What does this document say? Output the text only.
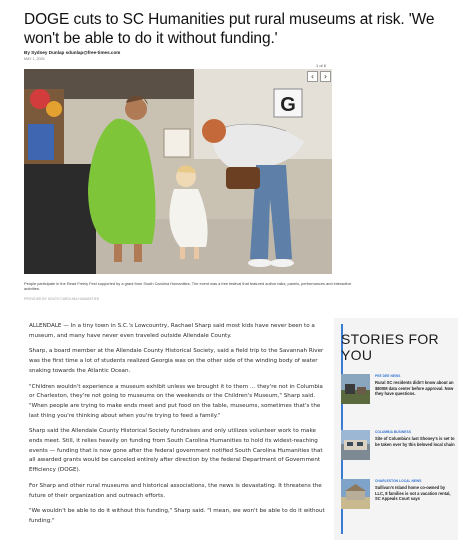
DOGE cuts to SC Humanities put rural museums at risk. 'We won't be able to do it without funding.'
By Sydney Dunlap sdunlap@free-times.com
MAY 1, 2025
1 of 6
G
‹	›
People participate in the Read Freely Fest supported by a grant from South Carolina Humanities. The event was a free festival that featured author talks, panels, performances and interactive activities.
PROVIDED BY SOUTH CAROLINA HUMANITIES

ALLENDALE — In a tiny town in S.C.'s Lowcountry, Rachael Sharp said most kids have never been to a museum, and many have never even traveled outside Allendale County.

Sharp, a board member at the Allendale County Historical Society, said a field trip to the Savannah River was the first time a lot of students realized Georgia was on the other side of the winding body of water snaking towards the Atlantic Ocean.

"Children wouldn't experience a museum exhibit unless we brought it to them … they're not in Columbia or Charleston, they're not going to museums on the weekends or the Children's Museum," Sharp said. "When people are trying to make ends meet and put food on the table, museums, sometimes that's the last thing you're thinking about when you're trying to feed a family."

Sharp said the Allendale County Historical Society fundraises and only utilizes volunteer work to make ends meet. Still, it relies heavily on funding from South Carolina Humanities to hold its widest-reaching events — funding that is now gone after the federal government notified South Carolina Humanities that all awarded grants would be canceled entirely after direction by the federal Department of Government Efficiency (DOGE).

For Sharp and other rural museums and historical associations, the news is devastating. It threatens the future of their organization and outreach efforts.

"We wouldn't be able to do it without this funding," Sharp said. "I mean, we won't be able to do it without funding."

STORIES FOR YOU
PEE DEE NEWS
Rural SC residents didn't know about an $800M data center before approval. Now they have questions.
COLUMBIA BUSINESS
Site of Columbia's last Shoney's is set to be taken over by this beloved local chain
CHARLESTON LOCAL NEWS
Sullivan's Island home co-owned by LLC, 8 families is not a vacation rental, SC Appeals Court says
